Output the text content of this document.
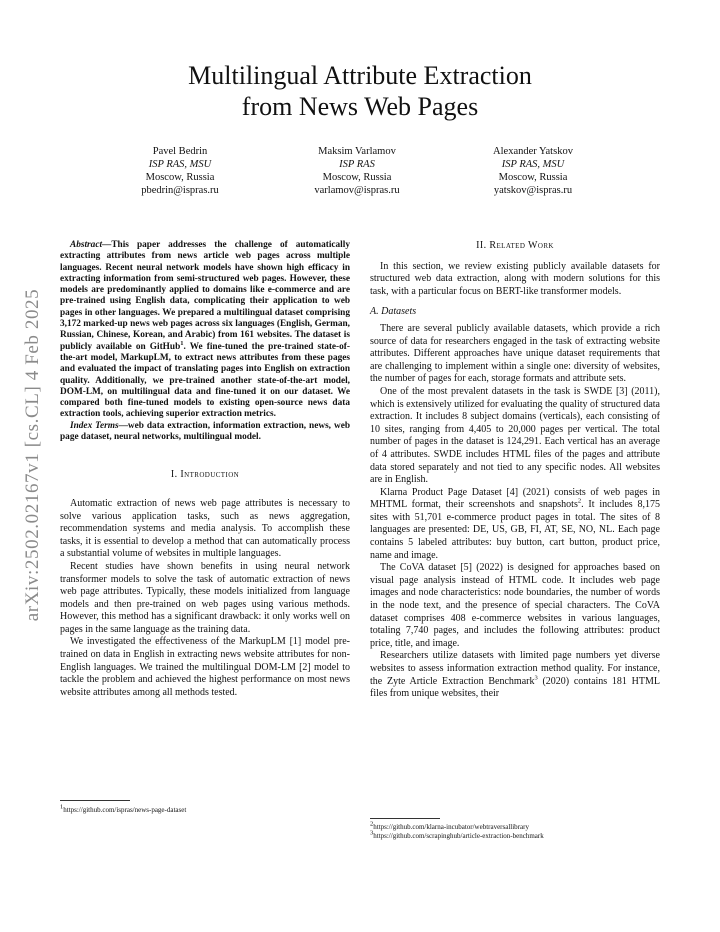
arXiv:2502.02167v1 [cs.CL] 4 Feb 2025
Multilingual Attribute Extraction
from News Web Pages
Pavel Bedrin
ISP RAS, MSU
Moscow, Russia
pbedrin@ispras.ru
Maksim Varlamov
ISP RAS
Moscow, Russia
varlamov@ispras.ru
Alexander Yatskov
ISP RAS, MSU
Moscow, Russia
yatskov@ispras.ru

Abstract—This paper addresses the challenge of automatically extracting attributes from news article web pages across multiple languages. Recent neural network models have shown high efficacy in extracting information from semi-structured web pages. However, these models are predominantly applied to domains like e-commerce and are pre-trained using English data, complicating their application to web pages in other languages. We prepared a multilingual dataset comprising 3,172 marked-up news web pages across six languages (English, German, Russian, Chinese, Korean, and Arabic) from 161 websites. The dataset is publicly available on GitHub$^1$. We fine-tuned the pre-trained state-of-the-art model, MarkupLM, to extract news attributes from these pages and evaluated the impact of translating pages into English on extraction quality. Additionally, we pre-trained another state-of-the-art model, DOM-LM, on multilingual data and fine-tuned it on our dataset. We compared both fine-tuned models to existing open-source news data extraction tools, achieving superior extraction metrics.

Index Terms—web data extraction, information extraction, news, web page dataset, neural networks, multilingual model.

I. Introduction

Automatic extraction of news web page attributes is necessary to solve various application tasks, such as news aggregation, recommendation systems and media analysis. To accomplish these tasks, it is essential to develop a method that can automatically process a substantial volume of websites in multiple languages.

Recent studies have shown benefits in using neural network transformer models to solve the task of automatic extraction of news web page attributes. Typically, these models initialized from language models and then pre-trained on web pages using various methods. However, this method has a significant drawback: it only works well on pages in the same language as the training data.

We investigated the effectiveness of the MarkupLM [1] model pre-trained on data in English in extracting news website attributes for non-English languages. We trained the multilingual DOM-LM [2] model to tackle the problem and achieved the highest performance on most news website attributes among all methods tested.

$^1$https://github.com/ispras/news-page-dataset
II. Related Work

In this section, we review existing publicly available datasets for structured web data extraction, along with modern solutions for this task, with a particular focus on BERT-like transformer models.

A. Datasets

There are several publicly available datasets, which provide a rich source of data for researchers engaged in the task of extracting website attributes. Different approaches have unique dataset requirements that are challenging to implement within a single one: diversity of websites, the number of pages for each, storage formats and attribute sets.

One of the most prevalent datasets in the task is SWDE [3] (2011), which is extensively utilized for evaluating the quality of structured data extraction. It includes 8 subject domains (verticals), each consisting of 10 sites, ranging from 4,405 to 20,000 pages per vertical. The total number of pages in the dataset is 124,291. Each vertical has an average of 4 attributes. SWDE includes HTML files of the pages and attribute data stored separately and not tied to any specific nodes. All websites are in English.

Klarna Product Page Dataset [4] (2021) consists of web pages in MHTML format, their screenshots and snapshots$^2$. It includes 8,175 sites with 51,701 e-commerce product pages in total. The sites of 8 languages are presented: DE, US, GB, FI, AT, SE, NO, NL. Each page contains 5 labeled attributes: buy button, cart button, product price, name and image.

The CoVA dataset [5] (2022) is designed for approaches based on visual page analysis instead of HTML code. It includes web page images and node characteristics: node boundaries, the number of words in the node text, and the presence of special characters. The CoVA dataset comprises 408 e-commerce websites in various languages, totaling 7,740 pages, and includes the following attributes: product price, title, and image.

Researchers utilize datasets with limited page numbers yet diverse websites to assess information extraction method quality. For instance, the Zyte Article Extraction Benchmark$^3$ (2020) contains 181 HTML files from unique websites, their

$^2$https://github.com/klarna-incubator/webtraversallibrary
$^3$https://github.com/scrapinghub/article-extraction-benchmark
